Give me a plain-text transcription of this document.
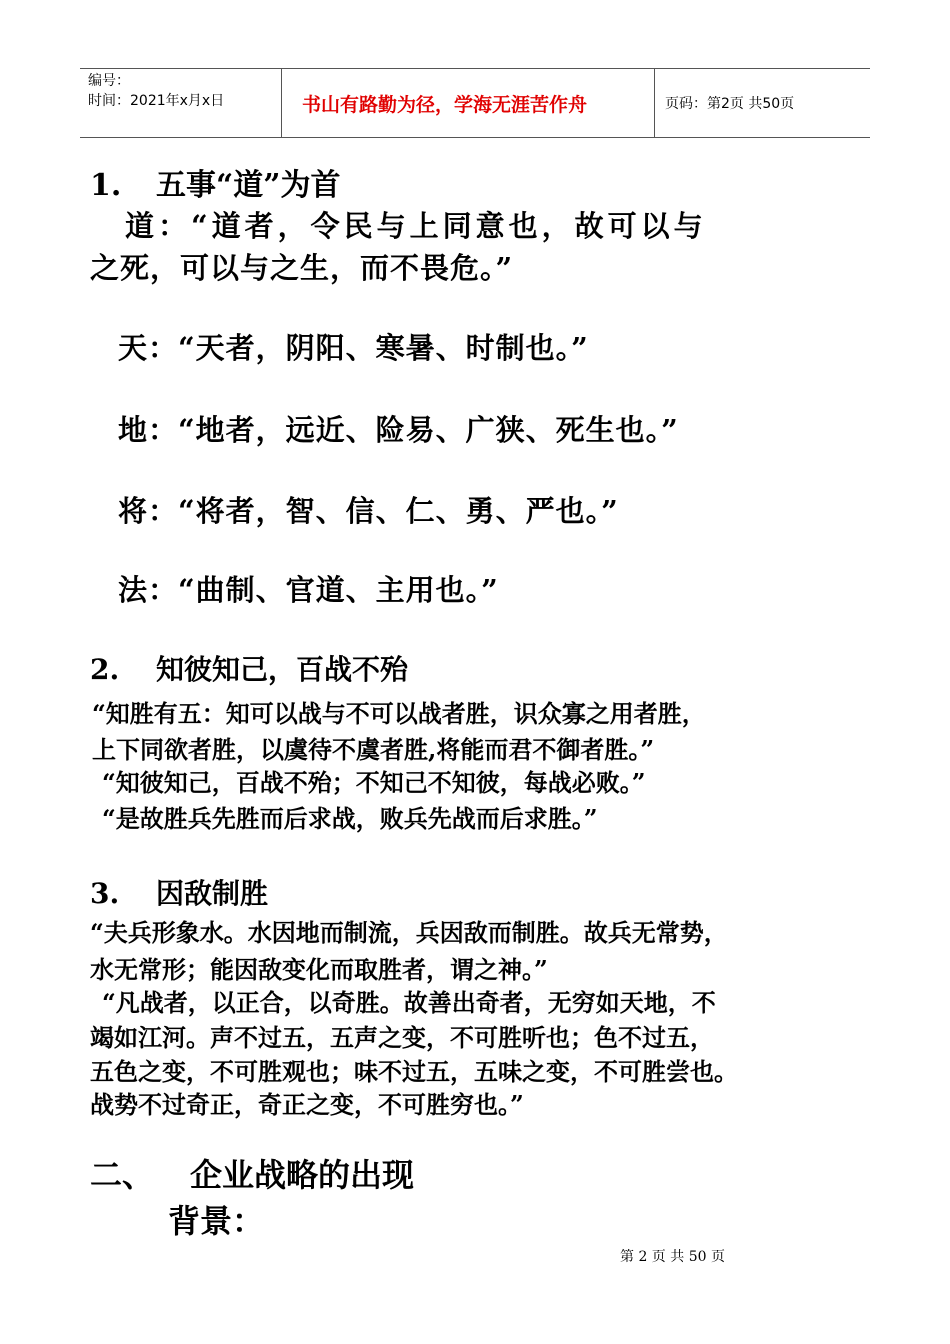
编号：
时间：2021年x月x日	书山有路勤为径，学海无涯苦作舟	页码：第2页 共50页
1. 五事“道”为首
道：“道者，令民与上同意也，故可以与
之死，可以与之生，而不畏危。”
天：“天者，阴阳、寒暑、时制也。”
地：“地者，远近、险易、广狭、死生也。”
将：“将者，智、信、仁、勇、严也。”
法：“曲制、官道、主用也。”
2. 知彼知己，百战不殆
“知胜有五：知可以战与不可以战者胜，识众寡之用者胜，
上下同欲者胜，以虞待不虞者胜,将能而君不御者胜。”
“知彼知己，百战不殆；不知己不知彼，每战必败。”
“是故胜兵先胜而后求战，败兵先战而后求胜。”
3. 因敌制胜
“夫兵形象水。水因地而制流，兵因敌而制胜。故兵无常势，
水无常形；能因敌变化而取胜者，谓之神。”
“凡战者，以正合，以奇胜。故善出奇者，无穷如天地，不
竭如江河。声不过五，五声之变，不可胜听也；色不过五，
五色之变，不可胜观也；味不过五，五味之变，不可胜尝也。
战势不过奇正，奇正之变，不可胜穷也。”
二、 企业战略的出现
背景：
第 2 页 共 50 页
